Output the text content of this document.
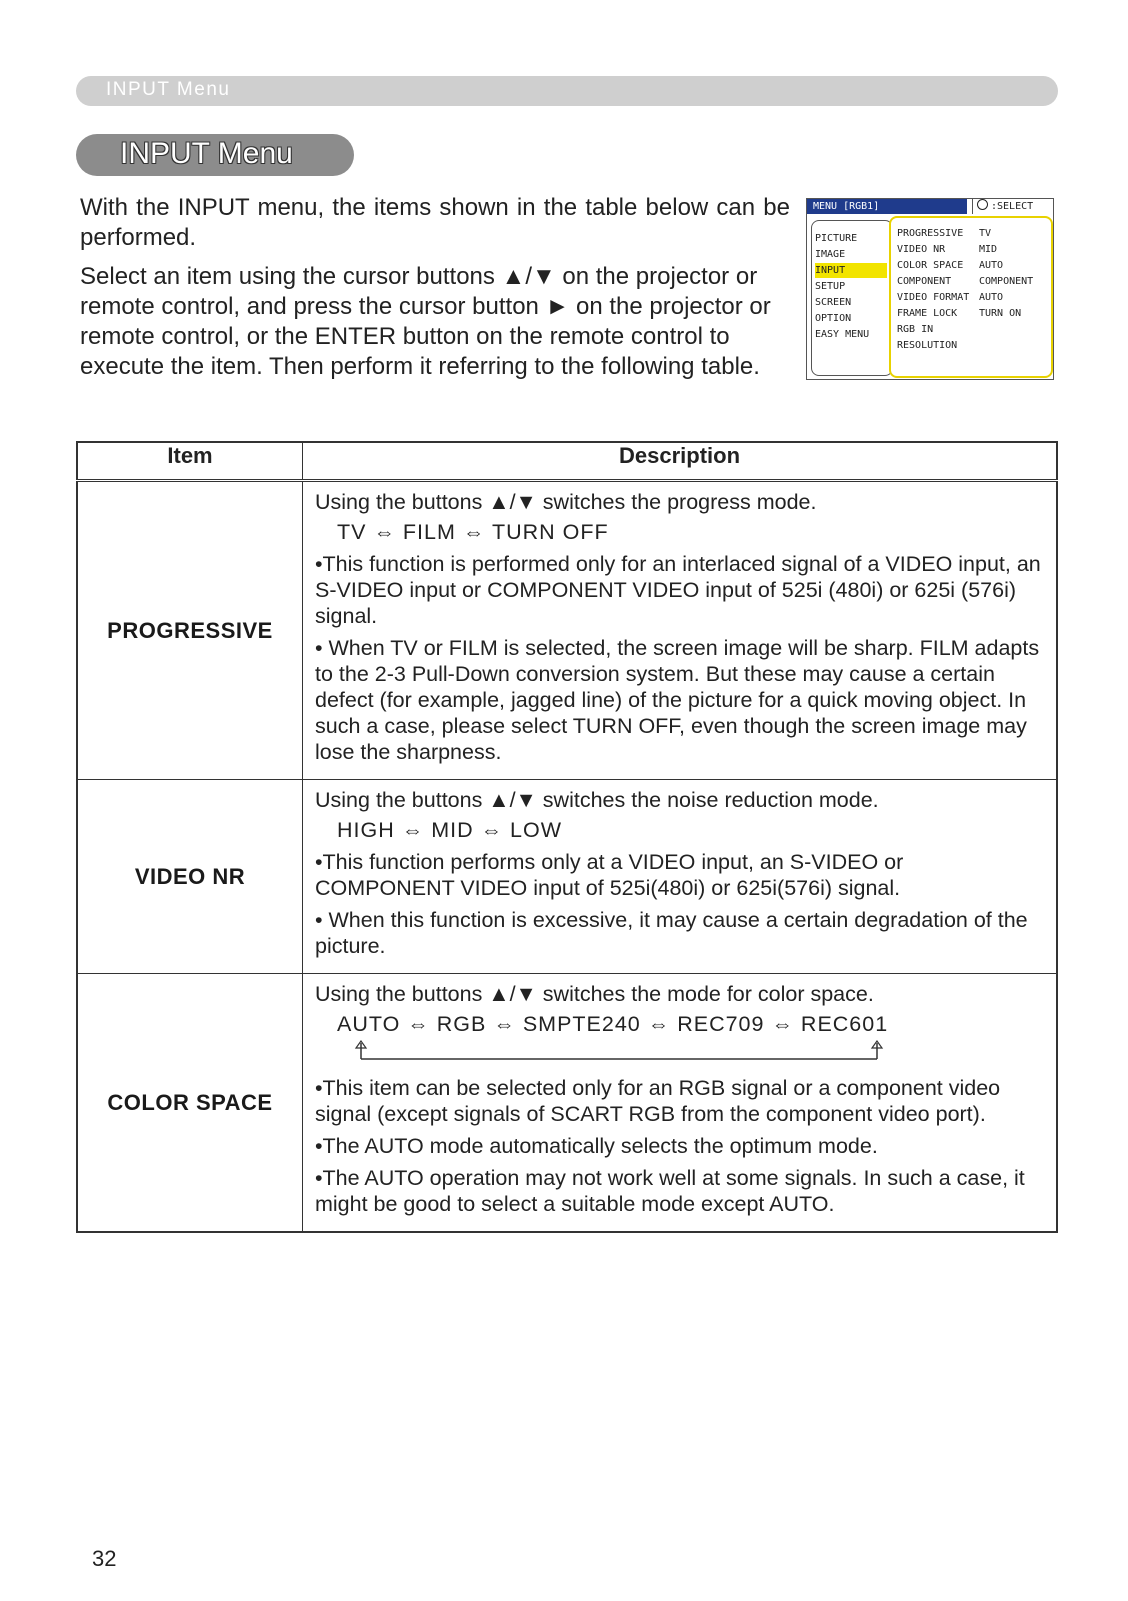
INPUT Menu
INPUT Menu
With the INPUT menu, the items shown in the table below can be performed.
Select an item using the cursor buttons ▲/▼ on the projector or remote control, and press the cursor button ► on the projector or remote control, or the ENTER button on the remote control to execute the item. Then perform it referring to the following table.
MENU [RGB1]	:SELECT
PICTURE
IMAGE
INPUT
SETUP
SCREEN
OPTION
EASY MENU
PROGRESSIVE TV
VIDEO NR	MID
COLOR SPACE AUTO
COMPONENT	COMPONENT
VIDEO FORMAT AUTO
FRAME LOCK TURN ON
RGB IN
RESOLUTION
Item	Description
PROGRESSIVE	Using the buttons ▲/▼ switches the progress mode.
TV ⇔ FILM ⇔ TURN OFF
•This function is performed only for an interlaced signal of a VIDEO input, an S-VIDEO input or COMPONENT VIDEO input of 525i (480i) or 625i (576i) signal.
• When TV or FILM is selected, the screen image will be sharp. FILM adapts to the 2-3 Pull-Down conversion system. But these may cause a certain defect (for example, jagged line) of the picture for a quick moving object. In such a case, please select TURN OFF, even though the screen image may lose the sharpness.

VIDEO NR	Using the buttons ▲/▼ switches the noise reduction mode.
HIGH ⇔ MID ⇔ LOW
•This function performs only at a VIDEO input, an S-VIDEO or COMPONENT VIDEO input of 525i(480i) or 625i(576i) signal.
• When this function is excessive, it may cause a certain degradation of the picture.

COLOR SPACE	Using the buttons ▲/▼ switches the mode for color space.
AUTO ⇔ RGB ⇔ SMPTE240 ⇔ REC709 ⇔ REC601
•This item can be selected only for an RGB signal or a component video signal (except signals of SCART RGB from the component video port).
•The AUTO mode automatically selects the optimum mode.
•The AUTO operation may not work well at some signals. In such a case, it might be good to select a suitable mode except AUTO.
32
